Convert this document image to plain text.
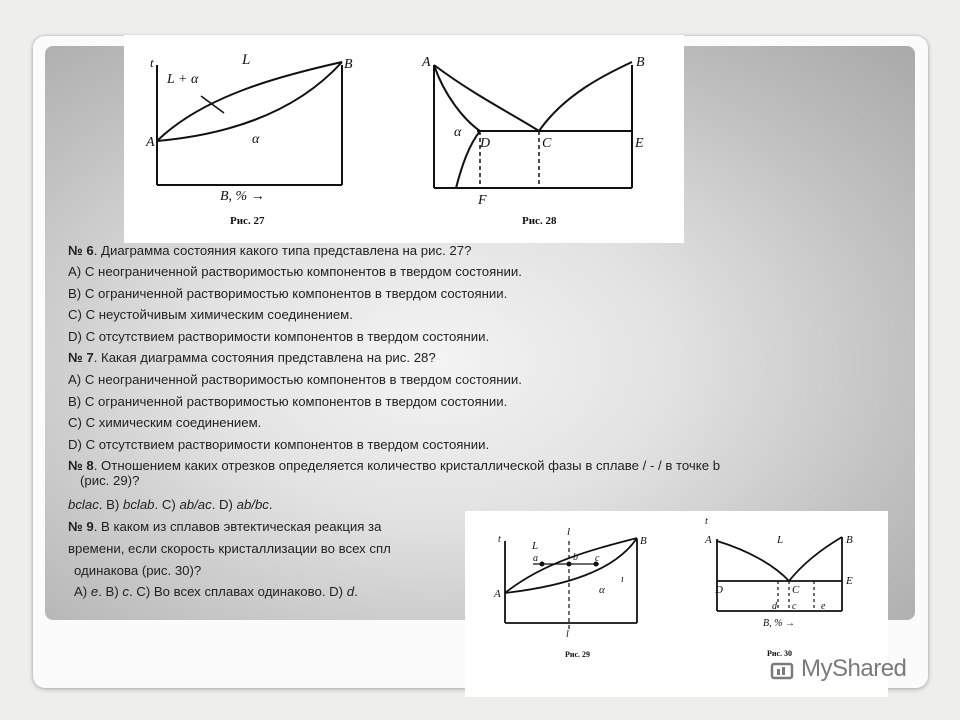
t	L
L + α
α
A
B
B, % →
Рис. 27
A	B
α
D	C	E
F
Рис. 28
№ 6. Диаграмма состояния какого типа представлена на рис. 27?
А) С неограниченной растворимостью компонентов в твердом состоянии.
В) С ограниченной растворимостью компонентов в твердом состоянии.
С) С неустойчивым химическим соединением.
D) С отсутствием растворимости компонентов в твердом состоянии.
№ 7. Какая диаграмма состояния представлена на рис. 28?
А) С неограниченной растворимостью компонентов в твердом состоянии.
В) С ограниченной растворимостью компонентов в твердом состоянии.
С) С химическим соединением.
D) С отсутствием растворимости компонентов в твердом состоянии.
№ 8. Отношением каких отрезков определяется количество кристаллической фазы в сплаве / - / в точке b
(рис. 29)?
bclac. В) bclab. С) ab/ac. D) ab/bc.
№ 9. В каком из сплавов эвтектическая реакция за
времени, если скорость кристаллизации во всех спл
одинакова (рис. 30)?
А) е. В) с. С) Во всех сплавах одинаково. D) d.
t
L
l
a	b c
B
A	α
ı
l
Рис. 29
t
A	L	B
D	C
E
d c e
B, % →
Рис. 30
MyShared
